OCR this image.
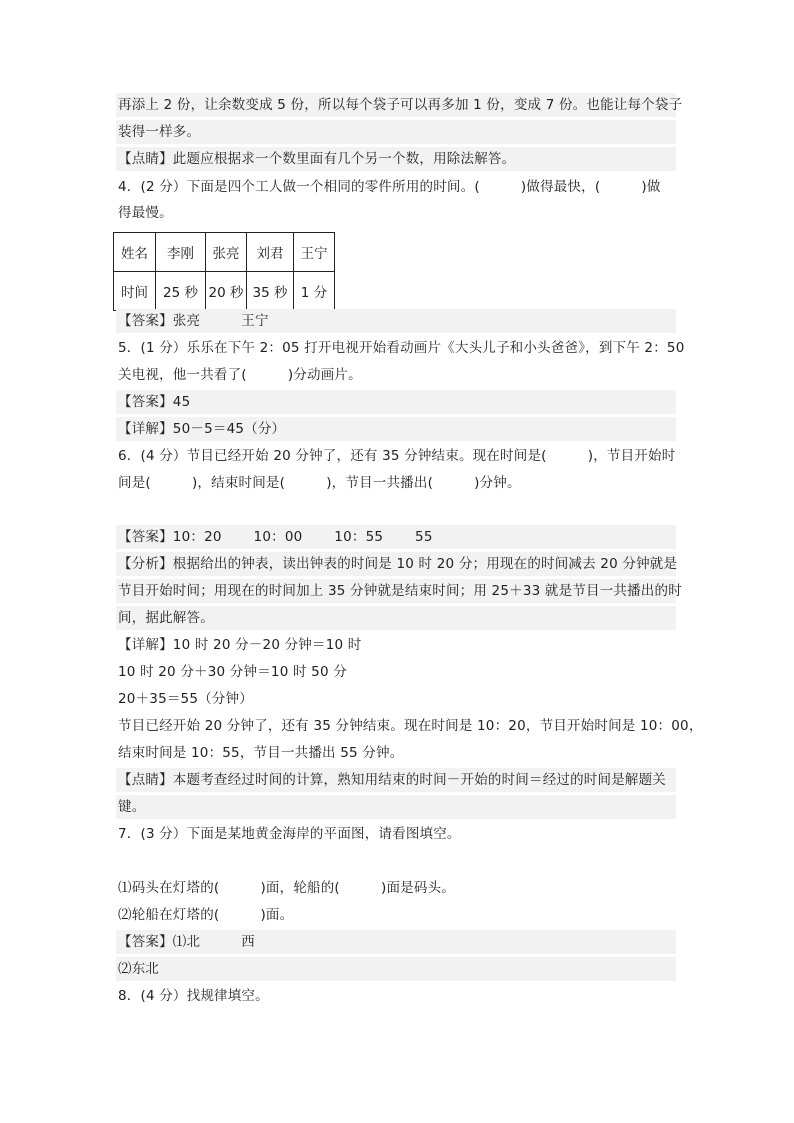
再添上 2 份，让余数变成 5 份，所以每个袋子可以再多加 1 份，变成 7 份。也能让每个袋子
装得一样多。
【点睛】此题应根据求一个数里面有几个另一个数，用除法解答。
4．(2 分）下面是四个工人做一个相同的零件所用的时间。(　　　)做得最快，(　　　)做
得最慢。
姓名	李刚	张亮	刘君	王宁
时间	25 秒	20 秒	35 秒	1 分
【答案】张亮　　　王宁
5．(1 分）乐乐在下午 2：05 打开电视开始看动画片《大头儿子和小头爸爸》，到下午 2：50
关电视，他一共看了(　　　)分动画片。
【答案】45
【详解】50－5＝45（分）
6．(4 分）节目已经开始 20 分钟了，还有 35 分钟结束。现在时间是(　　　)，节目开始时
间是(　　　)，结束时间是(　　　)，节目一共播出(　　　)分钟。
【答案】10：20　　 10：00　　 10：55　　 55
【分析】根据给出的钟表，读出钟表的时间是 10 时 20 分；用现在的时间减去 20 分钟就是
节目开始时间；用现在的时间加上 35 分钟就是结束时间；用 25＋33 就是节目一共播出的时
间，据此解答。
【详解】10 时 20 分－20 分钟＝10 时
10 时 20 分＋30 分钟＝10 时 50 分
20＋35＝55（分钟）
节目已经开始 20 分钟了，还有 35 分钟结束。现在时间是 10：20，节目开始时间是 10：00，
结束时间是 10：55，节目一共播出 55 分钟。
【点睛】本题考查经过时间的计算，熟知用结束的时间－开始的时间＝经过的时间是解题关
键。
7．(3 分）下面是某地黄金海岸的平面图，请看图填空。
⑴码头在灯塔的(　　　)面，轮船的(　　　)面是码头。
⑵轮船在灯塔的(　　　)面。
【答案】⑴北　　　西
⑵东北
8．(4 分）找规律填空。
